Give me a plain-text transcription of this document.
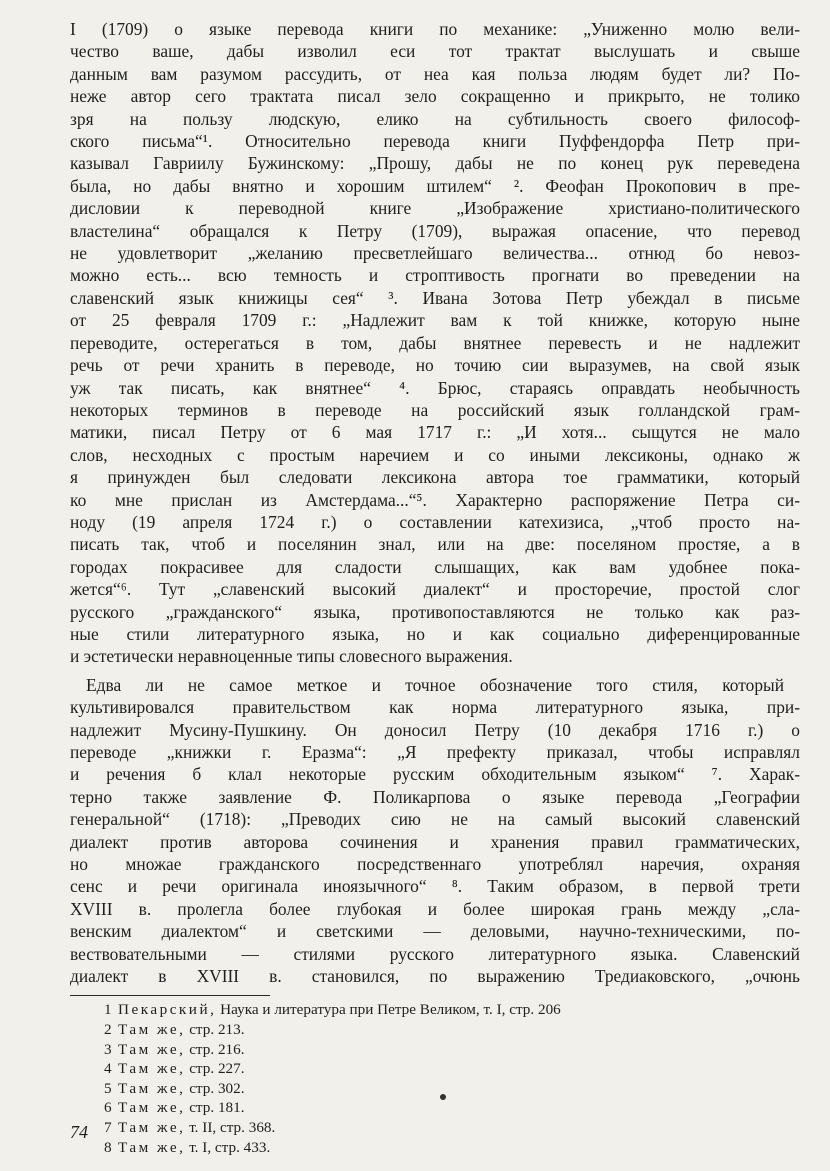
I (1709) о языке перевода книги по механике: „Униженно молю вели-
чество ваше, дабы изволил еси тот трактат выслушать и свыше
данным вам разумом рассудить, от неа кая польза людям будет ли? По-
неже автор сего трактата писал зело сокращенно и прикрыто, не толико
зря на пользу людскую, елико на субтильность своего философ-
ского письма“¹. Относительно перевода книги Пуффендорфа Петр при-
казывал Гавриилу Бужинскому: „Прошу, дабы не по конец рук переведена
была, но дабы внятно и хорошим штилем“ ². Феофан Прокопович в пре-
дисловии к переводной книге „Изображение христиано-политического
властелина“ обращался к Петру (1709), выражая опасение, что перевод
не удовлетворит „желанию пресветлейшаго величества... отнюд бо невоз-
можно есть... всю темность и строптивость прогнати во преведении на
славенский язык книжицы сея“ ³. Ивана Зотова Петр убеждал в письме
от 25 февраля 1709 г.: „Надлежит вам к той книжке, которую ныне
переводите, остерегаться в том, дабы внятнее перевесть и не надлежит
речь от речи хранить в переводе, но точию сии выразумев, на свой язык
уж так писать, как внятнее“ ⁴. Брюс, стараясь оправдать необычность
некоторых терминов в переводе на российский язык голландской грам-
матики, писал Петру от 6 мая 1717 г.: „И хотя... сыщутся не мало
слов, несходных с простым наречием и со иными лексиконы, однако ж
я принужден был следовати лексикона автора тое грамматики, который
ко мне прислан из Амстердама...“⁵. Характерно распоряжение Петра си-
ноду (19 апреля 1724 г.) о составлении катехизиса, „чтоб просто на-
писать так, чтоб и поселянин знал, или на две: поселяном простяе, а в
городах покрасивее для сладости слышащих, как вам удобнее пока-
жется“⁶. Тут „славенский высокий диалект“ и просторечие, простой слог
русского „гражданского“ языка, противопоставляются не только как раз-
ные стили литературного языка, но и как социально диференцированные
и эстетически неравноценные типы словесного выражения.
Едва ли не самое меткое и точное обозначение того стиля, который
культивировался правительством как норма литературного языка, при-
надлежит Мусину-Пушкину. Он доносил Петру (10 декабря 1716 г.) о
переводе „книжки г. Еразма“: „Я префекту приказал, чтобы исправлял
и речения б клал некоторые русским обходительным языком“ ⁷. Харак-
терно также заявление Ф. Поликарпова о языке перевода „Географии
генеральной“ (1718): „Преводих сию не на самый высокий славенский
диалект против авторова сочинения и хранения правил грамматических,
но множае гражданского посредственнаго употреблял наречия, охраняя
сенс и речи оригинала иноязычного“ ⁸. Таким образом, в первой трети
XVIII в. пролегла более глубокая и более широкая грань между „сла-
венским диалектом“ и светскими — деловыми, научно-техническими, по-
вествовательными — стилями русского литературного языка. Славенский
диалект в XVIII в. становился, по выражению Тредиаковского, „очюнь
1 Пекарский, Наука и литература при Петре Великом, т. I, стр. 206
2 Там же, стр. 213.
3 Там же, стр. 216.
4 Там же, стр. 227.
5 Там же, стр. 302.
6 Там же, стр. 181.
7 Там же, т. II, стр. 368.
8 Там же, т. I, стр. 433.
74
